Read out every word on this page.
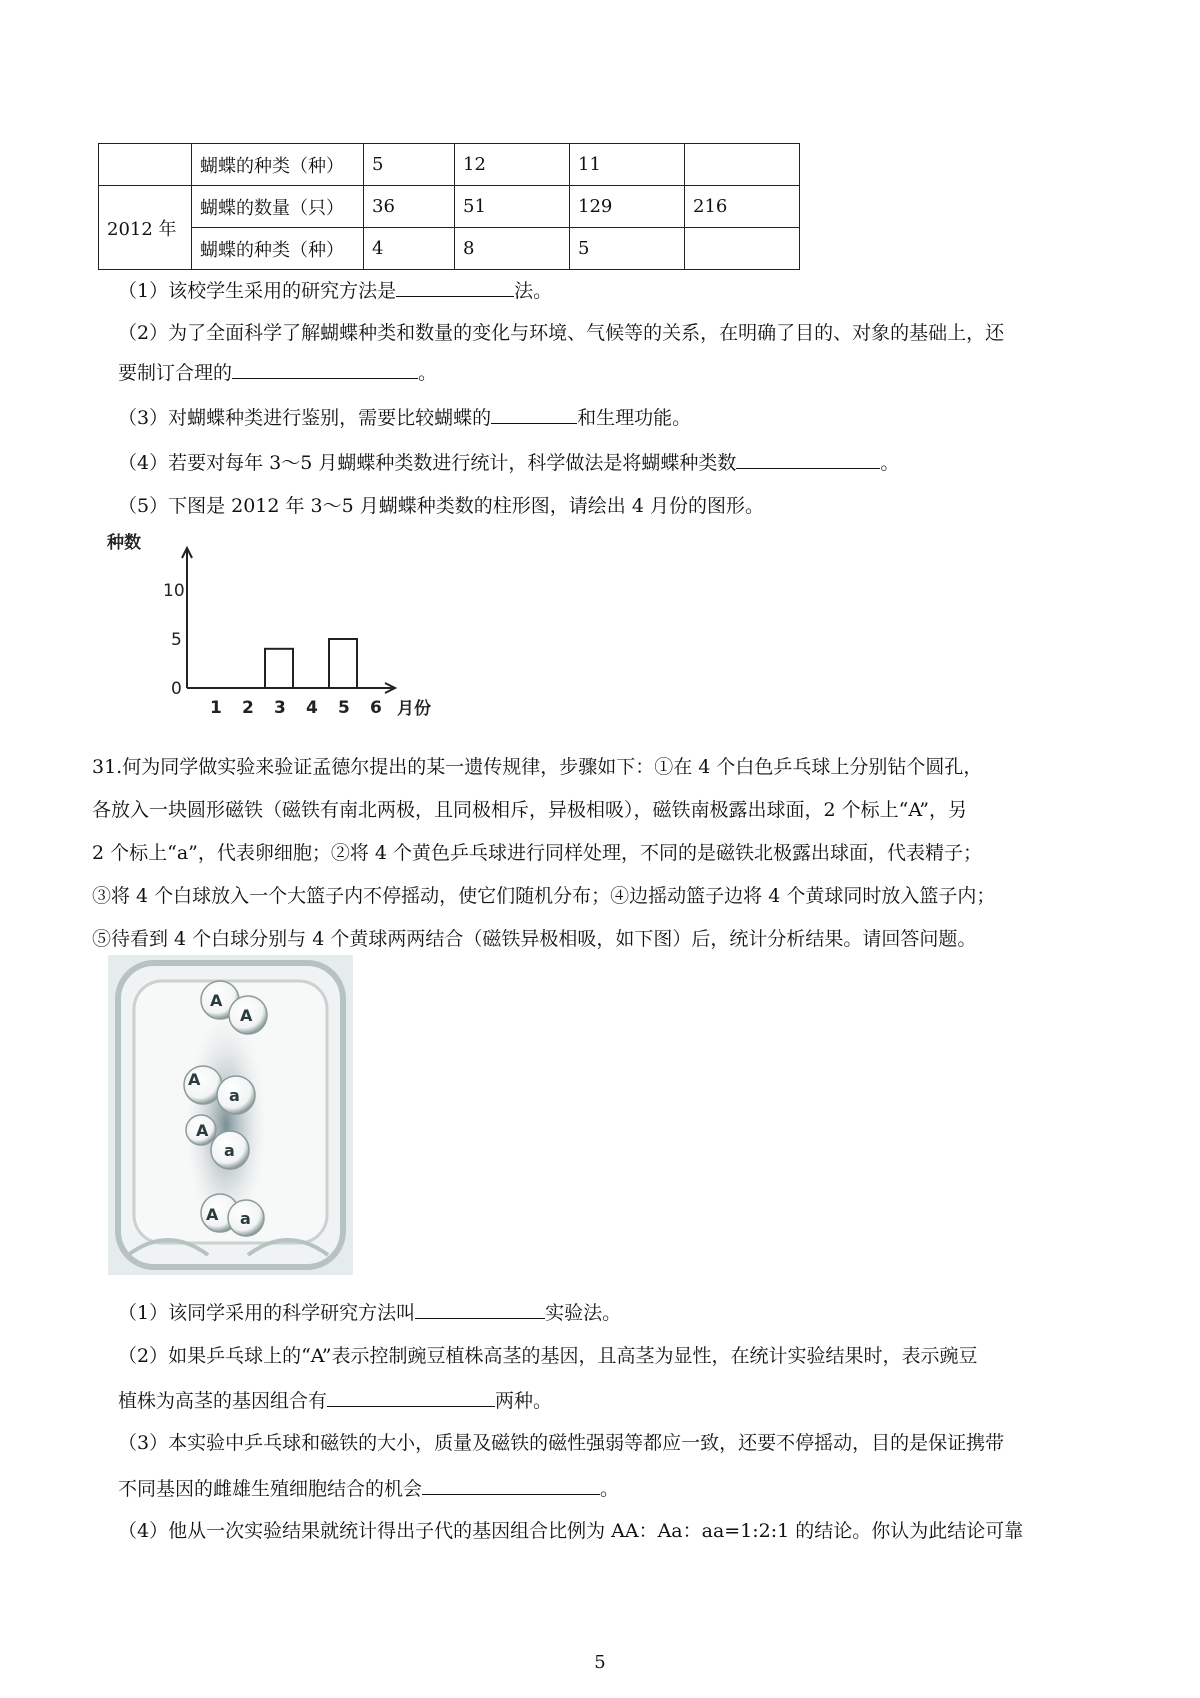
	蝴蝶的种类（种）	5	12	11	
2012 年	蝴蝶的数量（只）	36	51	129	216
	蝴蝶的种类（种）	4	8	5	
（1）该校学生采用的研究方法是	法。
（2）为了全面科学了解蝴蝶种类和数量的变化与环境、气候等的关系，在明确了目的、对象的基础上，还
要制订合理的	。
（3）对蝴蝶种类进行鉴别，需要比较蝴蝶的	和生理功能。
（4）若要对每年 3～5 月蝴蝶种类数进行统计，科学做法是将蝴蝶种类数	。
（5）下图是 2012 年 3～5 月蝴蝶种类数的柱形图，请绘出 4 月份的图形。
种数
月份
0
5
10
1 2 3 4 5 6
31.何为同学做实验来验证孟德尔提出的某一遗传规律，步骤如下：①在 4 个白色乒乓球上分别钻个圆孔，
各放入一块圆形磁铁（磁铁有南北两极，且同极相斥，异极相吸），磁铁南极露出球面，2 个标上“A”，另
2 个标上“a”，代表卵细胞；②将 4 个黄色乒乓球进行同样处理，不同的是磁铁北极露出球面，代表精子；
③将 4 个白球放入一个大篮子内不停摇动，使它们随机分布；④边摇动篮子边将 4 个黄球同时放入篮子内；
⑤待看到 4 个白球分别与 4 个黄球两两结合（磁铁异极相吸，如下图）后，统计分析结果。请回答问题。
A
A
A
a
A
a
A a
（1）该同学采用的科学研究方法叫	实验法。
（2）如果乒乓球上的“A”表示控制豌豆植株高茎的基因，且高茎为显性，在统计实验结果时，表示豌豆
植株为高茎的基因组合有	两种。
（3）本实验中乒乓球和磁铁的大小，质量及磁铁的磁性强弱等都应一致，还要不停摇动，目的是保证携带
不同基因的雌雄生殖细胞结合的机会	。
（4）他从一次实验结果就统计得出子代的基因组合比例为 AA：Aa：aa=1:2:1 的结论。你认为此结论可靠
5
